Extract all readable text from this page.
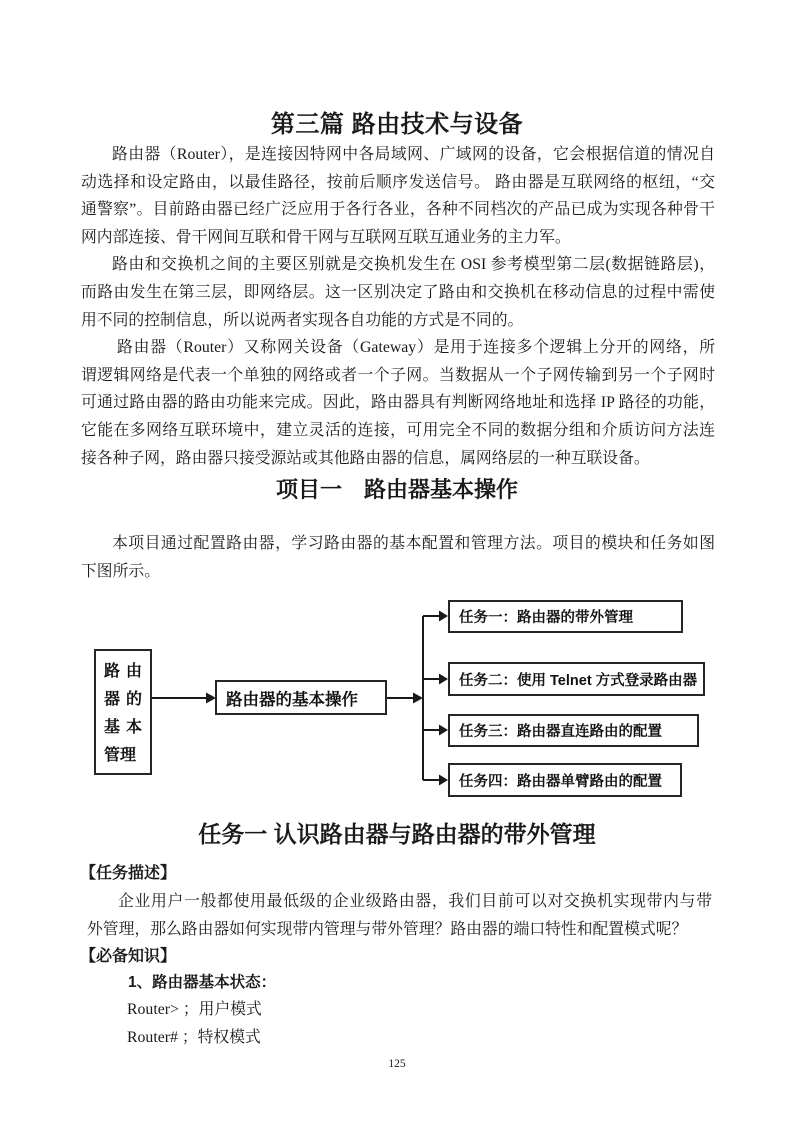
第三篇 路由技术与设备
路由器（Router），是连接因特网中各局域网、广域网的设备，它会根据信道的情况自
动选择和设定路由，以最佳路径，按前后顺序发送信号。 路由器是互联网络的枢纽，“交
通警察”。目前路由器已经广泛应用于各行各业，各种不同档次的产品已成为实现各种骨干
网内部连接、骨干网间互联和骨干网与互联网互联互通业务的主力军。
路由和交换机之间的主要区别就是交换机发生在 OSI 参考模型第二层(数据链路层)，
而路由发生在第三层，即网络层。这一区别决定了路由和交换机在移动信息的过程中需使
用不同的控制信息，所以说两者实现各自功能的方式是不同的。
路由器（Router）又称网关设备（Gateway）是用于连接多个逻辑上分开的网络，所
谓逻辑网络是代表一个单独的网络或者一个子网。当数据从一个子网传输到另一个子网时
可通过路由器的路由功能来完成。因此，路由器具有判断网络地址和选择 IP 路径的功能，
它能在多网络互联环境中，建立灵活的连接，可用完全不同的数据分组和介质访问方法连
接各种子网，路由器只接受源站或其他路由器的信息，属网络层的一种互联设备。
项目一　路由器基本操作
本项目通过配置路由器，学习路由器的基本配置和管理方法。项目的模块和任务如图
下图所示。
路由
器的
基本
管理
路由器的基本操作
任务一：路由器的带外管理
任务二：使用 Telnet 方式登录路由器
任务三：路由器直连路由的配置
任务四：路由器单臂路由的配置
任务一 认识路由器与路由器的带外管理
【任务描述】
企业用户一般都使用最低级的企业级路由器，我们目前可以对交换机实现带内与带
外管理，那么路由器如何实现带内管理与带外管理？路由器的端口特性和配置模式呢？
【必备知识】
1、路由器基本状态：
Router> ；用户模式
Router# ；特权模式
125
